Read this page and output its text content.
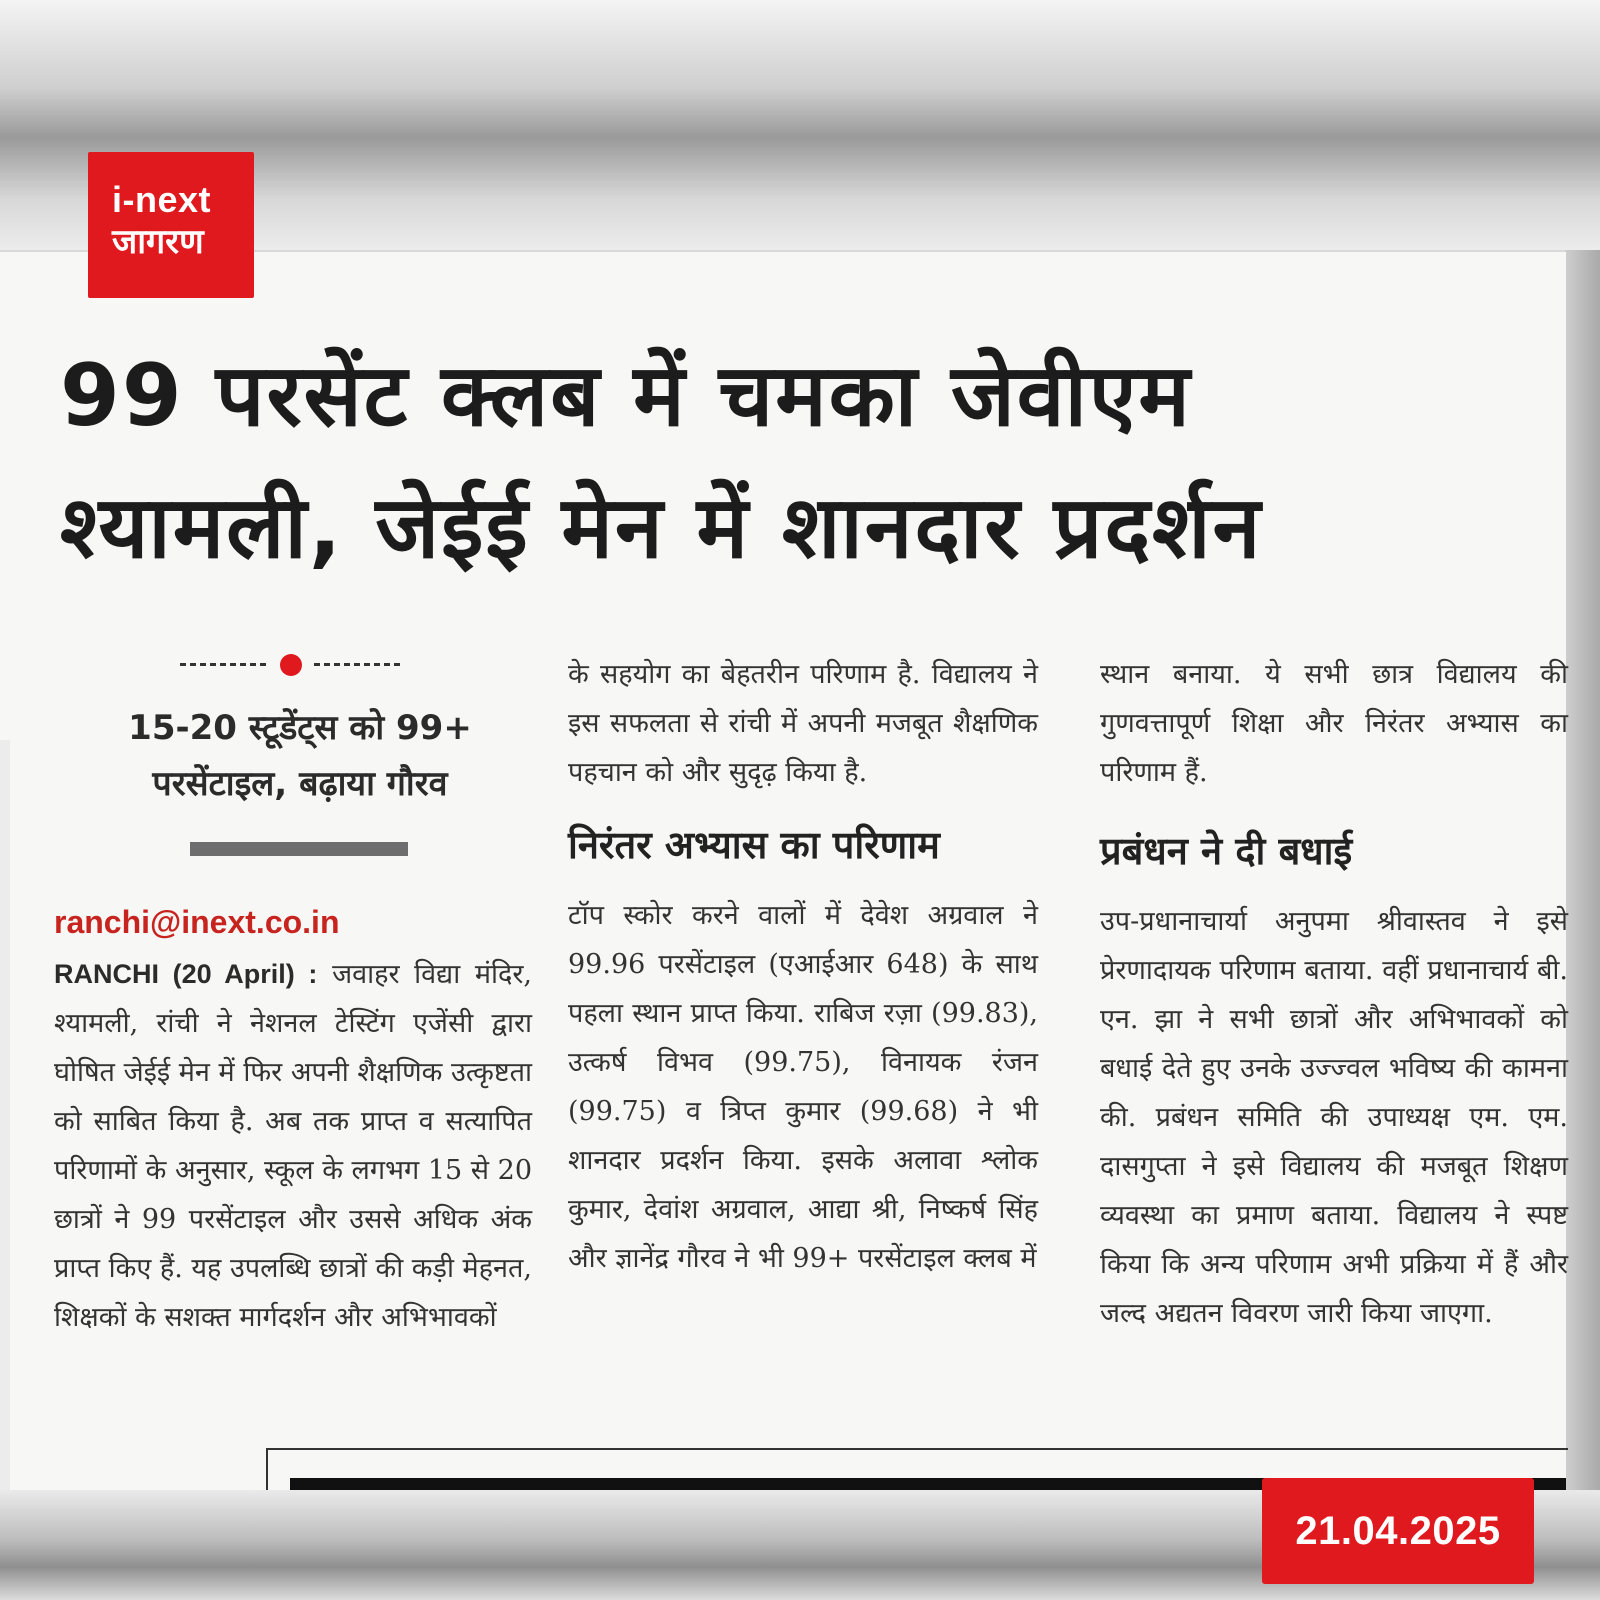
i-next
जागरण
99 परसेंट क्लब में चमका जेवीएम
श्यामली, जेईई मेन में शानदार प्रदर्शन
15-20 स्टूडेंट्स को 99+ परसेंटाइल, बढ़ाया गौरव
ranchi@inext.co.in
RANCHI (20 April) : जवाहर विद्या मंदिर, श्यामली, रांची ने नेशनल टेस्टिंग एजेंसी द्वारा घोषित जेईई मेन में फिर अपनी शैक्षणिक उत्कृष्टता को साबित किया है. अब तक प्राप्त व सत्यापित परिणामों के अनुसार, स्कूल के लगभग 15 से 20 छात्रों ने 99 परसेंटाइल और उससे अधिक अंक प्राप्त किए हैं. यह उपलब्धि छात्रों की कड़ी मेहनत, शिक्षकों के सशक्त मार्गदर्शन और अभिभावकों

के सहयोग का बेहतरीन परिणाम है. विद्यालय ने इस सफलता से रांची में अपनी मजबूत शैक्षणिक पहचान को और सुदृढ़ किया है.

निरंतर अभ्यास का परिणाम

टॉप स्कोर करने वालों में देवेश अग्रवाल ने 99.96 परसेंटाइल (एआईआर 648) के साथ पहला स्थान प्राप्त किया. राबिज रज़ा (99.83), उत्कर्ष विभव (99.75), विनायक रंजन (99.75) व त्रिप्त कुमार (99.68) ने भी शानदार प्रदर्शन किया. इसके अलावा श्लोक कुमार, देवांश अग्रवाल, आद्या श्री, निष्कर्ष सिंह और ज्ञानेंद्र गौरव ने भी 99+ परसेंटाइल क्लब में

स्थान बनाया. ये सभी छात्र विद्यालय की गुणवत्तापूर्ण शिक्षा और निरंतर अभ्यास का परिणाम हैं.

प्रबंधन ने दी बधाई

उप-प्रधानाचार्या अनुपमा श्रीवास्तव ने इसे प्रेरणादायक परिणाम बताया. वहीं प्रधानाचार्य बी. एन. झा ने सभी छात्रों और अभिभावकों को बधाई देते हुए उनके उज्ज्वल भविष्य की कामना की. प्रबंधन समिति की उपाध्यक्ष एम. एम. दासगुप्ता ने इसे विद्यालय की मजबूत शिक्षण व्यवस्था का प्रमाण बताया. विद्यालय ने स्पष्ट किया कि अन्य परिणाम अभी प्रक्रिया में हैं और जल्द अद्यतन विवरण जारी किया जाएगा.

21.04.2025
